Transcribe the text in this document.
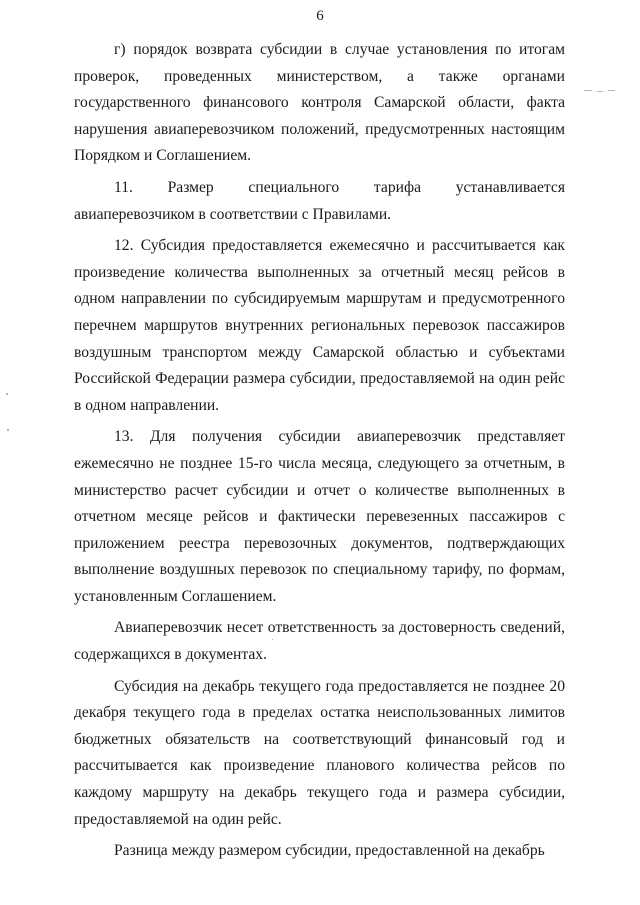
6

г) порядок возврата субсидии в случае установления по итогам проверок, проведенных министерством, а также органами государственного финансового контроля Самарской области, факта нарушения авиаперевозчиком положений, предусмотренных настоящим Порядком и Соглашением.

11. Размер специального тарифа устанавливается авиаперевозчиком в соответствии с Правилами.

12. Субсидия предоставляется ежемесячно и рассчитывается как произведение количества выполненных за отчетный месяц рейсов в одном направлении по субсидируемым маршрутам и предусмотренного перечнем маршрутов внутренних региональных перевозок пассажиров воздушным транспортом между Самарской областью и субъектами Российской Федерации размера субсидии, предоставляемой на один рейс в одном направлении.

13. Для получения субсидии авиаперевозчик представляет ежемесячно не позднее 15-го числа месяца, следующего за отчетным, в министерство расчет субсидии и отчет о количестве выполненных в отчетном месяце рейсов и фактически перевезенных пассажиров с приложением реестра перевозочных документов, подтверждающих выполнение воздушных перевозок по специальному тарифу, по формам, установленным Соглашением.

Авиаперевозчик несет ответственность за достоверность сведений, содержащихся в документах.

Субсидия на декабрь текущего года предоставляется не позднее 20 декабря текущего года в пределах остатка неиспользованных лимитов бюджетных обязательств на соответствующий финансовый год и рассчитывается как произведение планового количества рейсов по каждому маршруту на декабрь текущего года и размера субсидии, предоставляемой на один рейс.

Разница между размером субсидии, предоставленной на декабрь
